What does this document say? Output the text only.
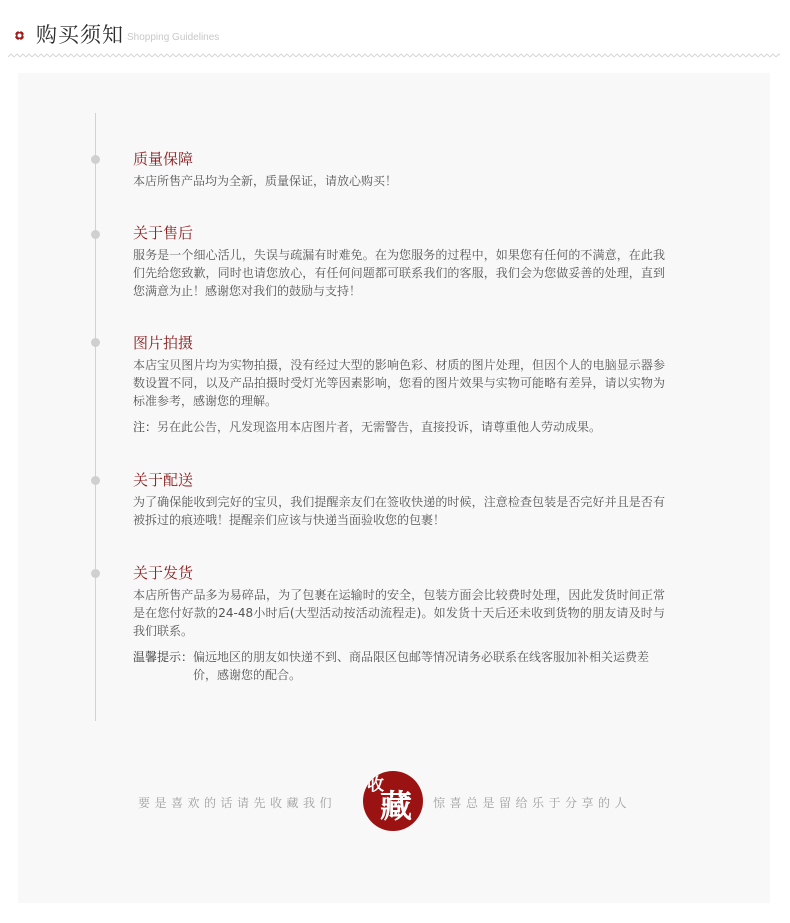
购买须知 Shopping Guidelines
质量保障

本店所售产品均为全新，质量保证，请放心购买！

关于售后

服务是一个细心活儿，失误与疏漏有时难免。在为您服务的过程中，如果您有任何的不满意，在此我们先给您致歉，同时也请您放心，有任何问题都可联系我们的客服，我们会为您做妥善的处理，直到您满意为止！感谢您对我们的鼓励与支持！

图片拍摄

本店宝贝图片均为实物拍摄，没有经过大型的影响色彩、材质的图片处理，但因个人的电脑显示器参数设置不同，以及产品拍摄时受灯光等因素影响，您看的图片效果与实物可能略有差异，请以实物为标准参考，感谢您的理解。

注： 另在此公告，凡发现盗用本店图片者，无需警告，直接投诉，请尊重他人劳动成果。
关于配送

为了确保能收到完好的宝贝，我们提醒亲友们在签收快递的时候，注意检查包装是否完好并且是否有被拆过的痕迹哦！提醒亲们应该与快递当面验收您的包裹！

关于发货

本店所售产品多为易碎品，为了包裹在运输时的安全，包装方面会比较费时处理，因此发货时间正常是在您付好款的24-48小时后(大型活动按活动流程走)。如发货十天后还未收到货物的朋友请及时与我们联系。

温馨提示： 偏远地区的朋友如快递不到、商品限区包邮等情况请务必联系在线客服加补相关运费差价，感谢您的配合。
要是喜欢的话请先收藏我们
收
藏 惊喜总是留给乐于分享的人
